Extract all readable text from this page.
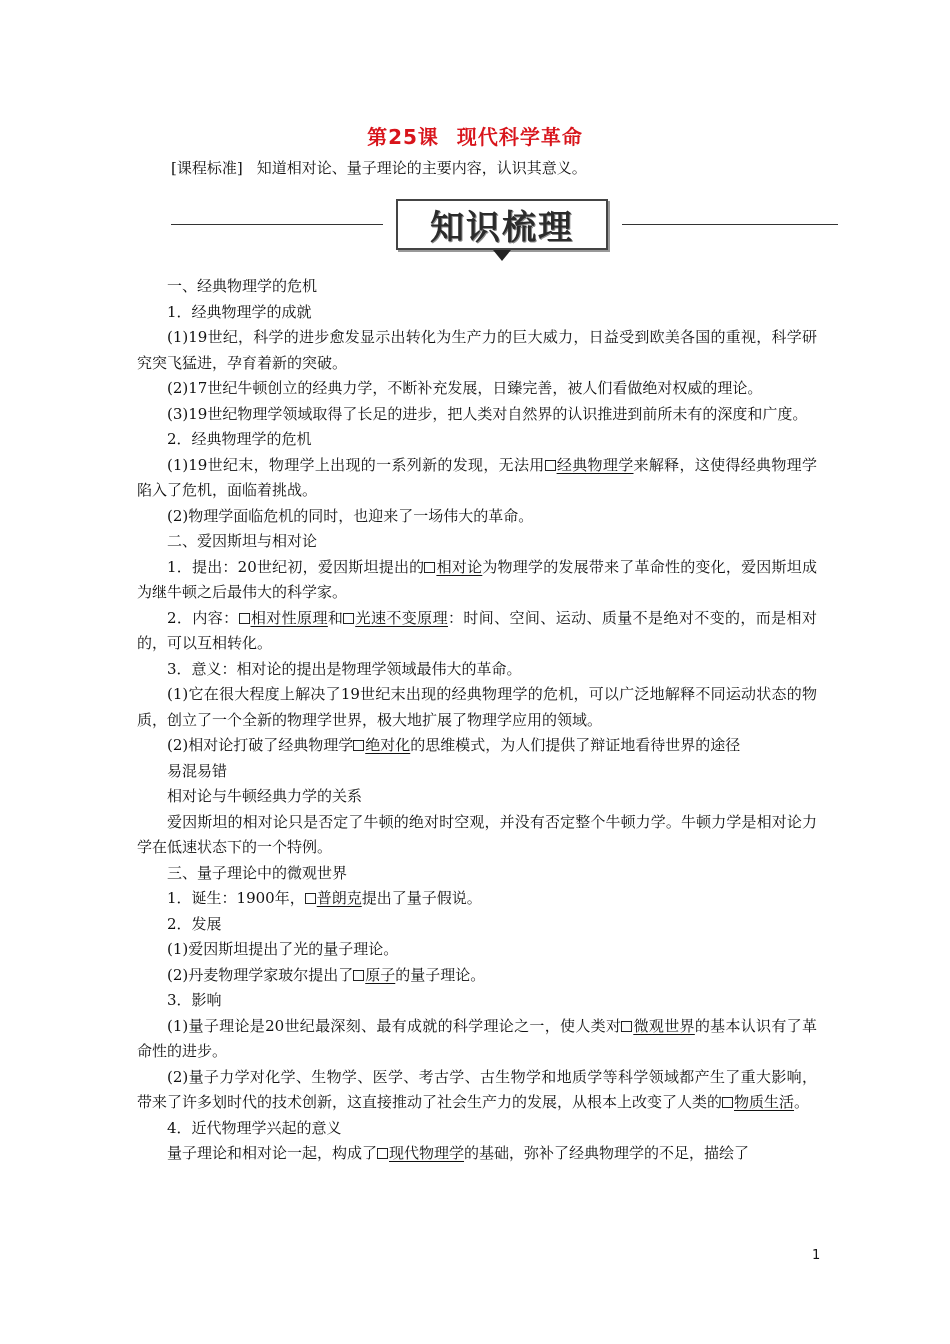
第25课 现代科学革命
[课程标准] 知道相对论、量子理论的主要内容，认识其意义。
知识梳理

一、经典物理学的危机

1．经典物理学的成就

(1)19世纪，科学的进步愈发显示出转化为生产力的巨大威力，日益受到欧美各国的重视，科学研究突飞猛进，孕育着新的突破。

(2)17世纪牛顿创立的经典力学，不断补充发展，日臻完善，被人们看做绝对权威的理论。

(3)19世纪物理学领域取得了长足的进步，把人类对自然界的认识推进到前所未有的深度和广度。

2．经典物理学的危机

(1)19世纪末，物理学上出现的一系列新的发现，无法用 经典物理学来解释，这使得经典物理学陷入了危机，面临着挑战。

(2)物理学面临危机的同时，也迎来了一场伟大的革命。

二、爱因斯坦与相对论

1．提出：20世纪初，爱因斯坦提出的 相对论为物理学的发展带来了革命性的变化，爱因斯坦成为继牛顿之后最伟大的科学家。

2．内容： 相对性原理和 光速不变原理：时间、空间、运动、质量不是绝对不变的，而是相对的，可以互相转化。

3．意义：相对论的提出是物理学领域最伟大的革命。

(1)它在很大程度上解决了19世纪末出现的经典物理学的危机，可以广泛地解释不同运动状态的物质，创立了一个全新的物理学世界，极大地扩展了物理学应用的领域。

(2)相对论打破了经典物理学 绝对化的思维模式，为人们提供了辩证地看待世界的途径

易混易错

相对论与牛顿经典力学的关系

爱因斯坦的相对论只是否定了牛顿的绝对时空观，并没有否定整个牛顿力学。牛顿力学是相对论力学在低速状态下的一个特例。

三、量子理论中的微观世界

1．诞生：1900年， 普朗克提出了量子假说。

2．发展

(1)爱因斯坦提出了光的量子理论。

(2)丹麦物理学家玻尔提出了 原子的量子理论。

3．影响

(1)量子理论是20世纪最深刻、最有成就的科学理论之一，使人类对 微观世界的基本认识有了革命性的进步。

(2)量子力学对化学、生物学、医学、考古学、古生物学和地质学等科学领域都产生了重大影响，带来了许多划时代的技术创新，这直接推动了社会生产力的发展，从根本上改变了人类的 物质生活。

4．近代物理学兴起的意义

量子理论和相对论一起，构成了 现代物理学的基础，弥补了经典物理学的不足，描绘了

1
